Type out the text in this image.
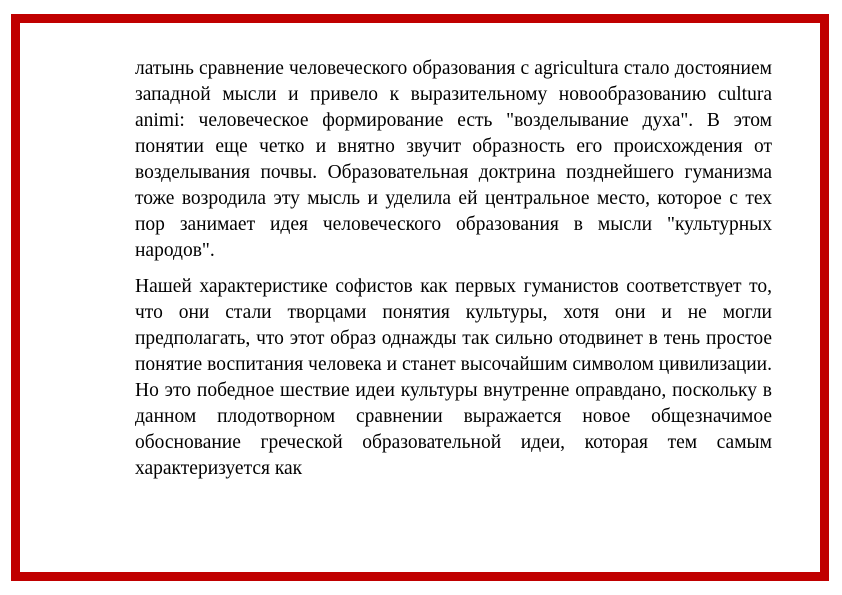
латынь сравнение человеческого образования с agricultura стало достоянием западной мысли и привело к выразительному новообразованию cultura animi: человеческое формирование есть "возделывание духа". В этом понятии еще четко и внятно звучит образность его происхождения от возделывания почвы. Образовательная доктрина позднейшего гуманизма тоже возродила эту мысль и уделила ей центральное место, которое с тех пор занимает идея человеческого образования в мысли "культурных народов".

Нашей характеристике софистов как первых гуманистов соответствует то, что они стали творцами понятия культуры, хотя они и не могли предполагать, что этот образ однажды так сильно отодвинет в тень простое понятие воспитания человека и станет высочайшим символом цивилизации. Но это победное шествие идеи культуры внутренне оправдано, поскольку в данном плодотворном сравнении выражается новое общезначимое обоснование греческой образовательной идеи, которая тем самым характеризуется как
